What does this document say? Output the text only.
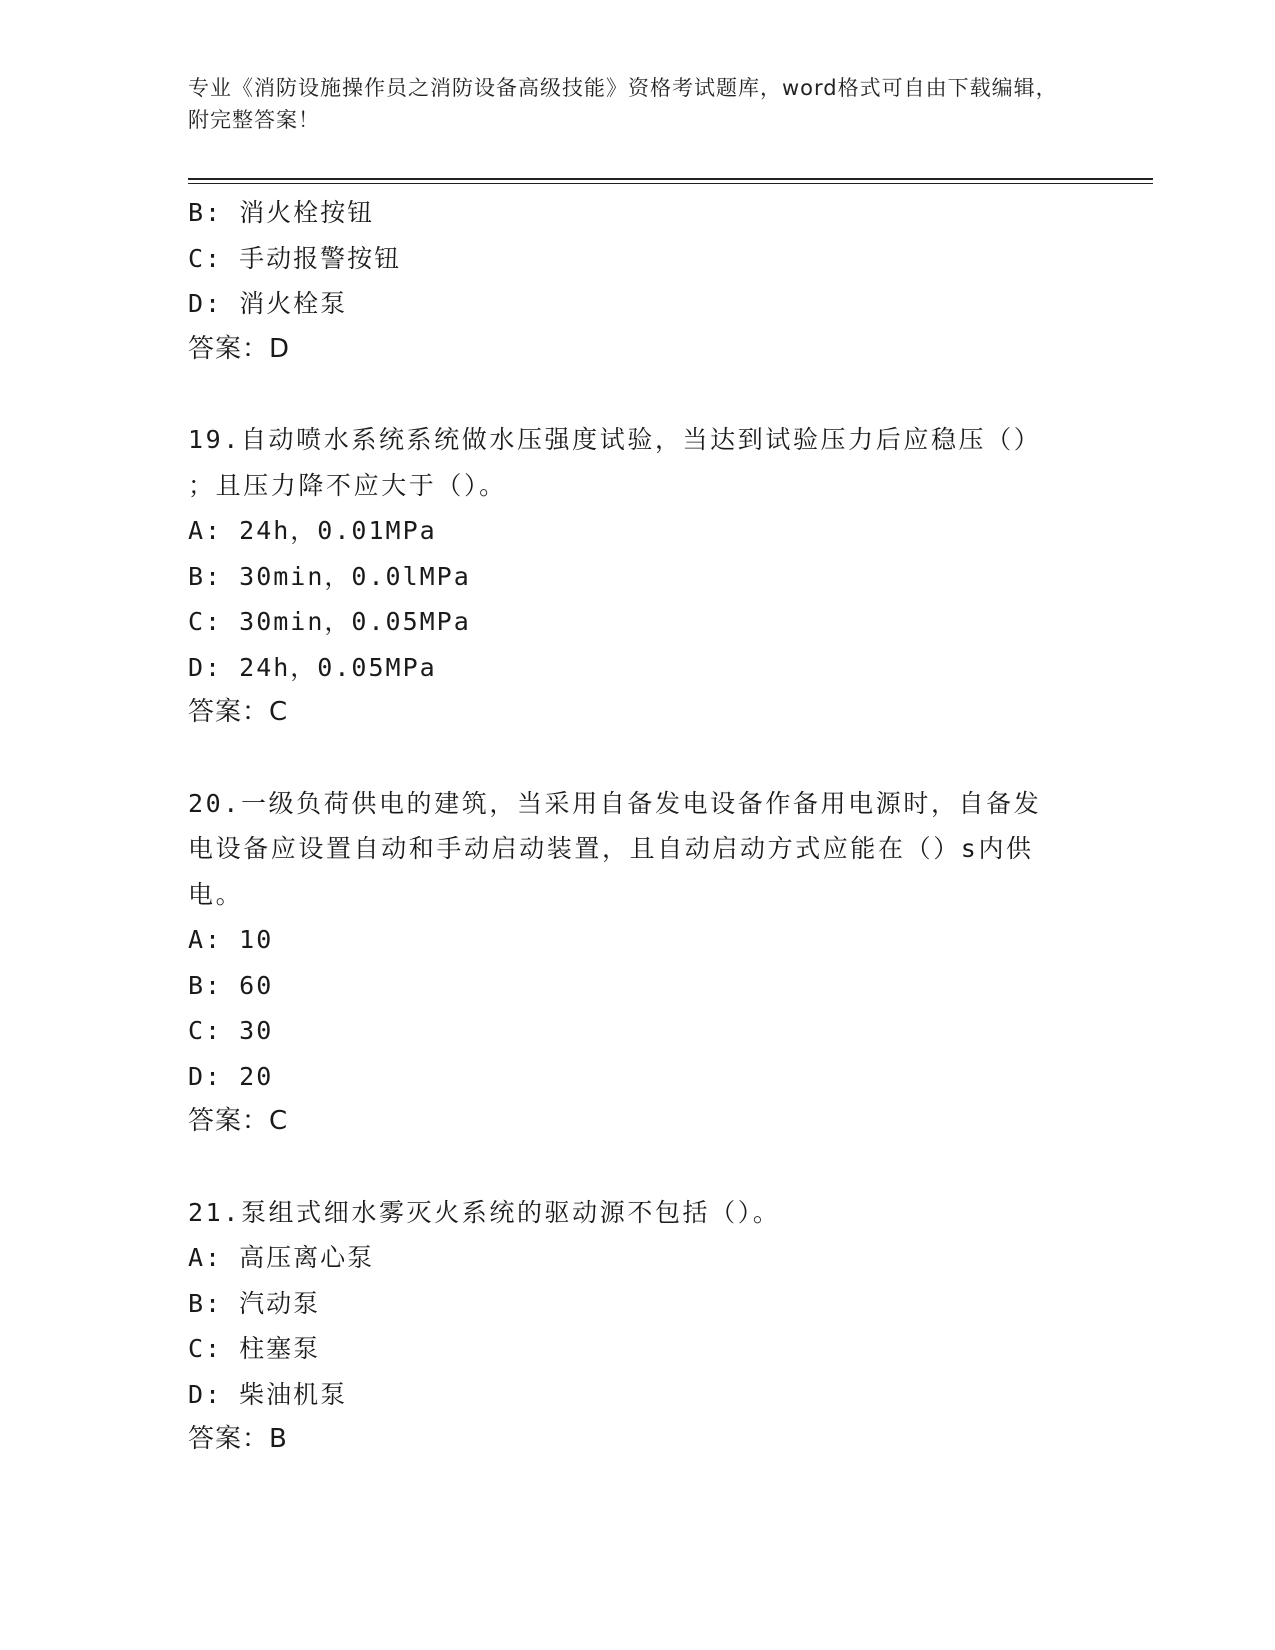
专业《消防设施操作员之消防设备高级技能》资格考试题库，word格式可自由下载编辑，附完整答案！
B: 消火栓按钮
C: 手动报警按钮
D: 消火栓泵
答案：D
19.自动喷水系统系统做水压强度试验，当达到试验压力后应稳压（）
；且压力降不应大于（）。
A: 24h，0.01MPa
B: 30min，0.0lMPa
C: 30min，0.05MPa
D: 24h，0.05MPa
答案：C
20.一级负荷供电的建筑，当采用自备发电设备作备用电源时，自备发
电设备应设置自动和手动启动装置，且自动启动方式应能在（）s内供
电。
A: 10
B: 60
C: 30
D: 20
答案：C
21.泵组式细水雾灭火系统的驱动源不包括（）。
A: 高压离心泵
B: 汽动泵
C: 柱塞泵
D: 柴油机泵
答案：B
